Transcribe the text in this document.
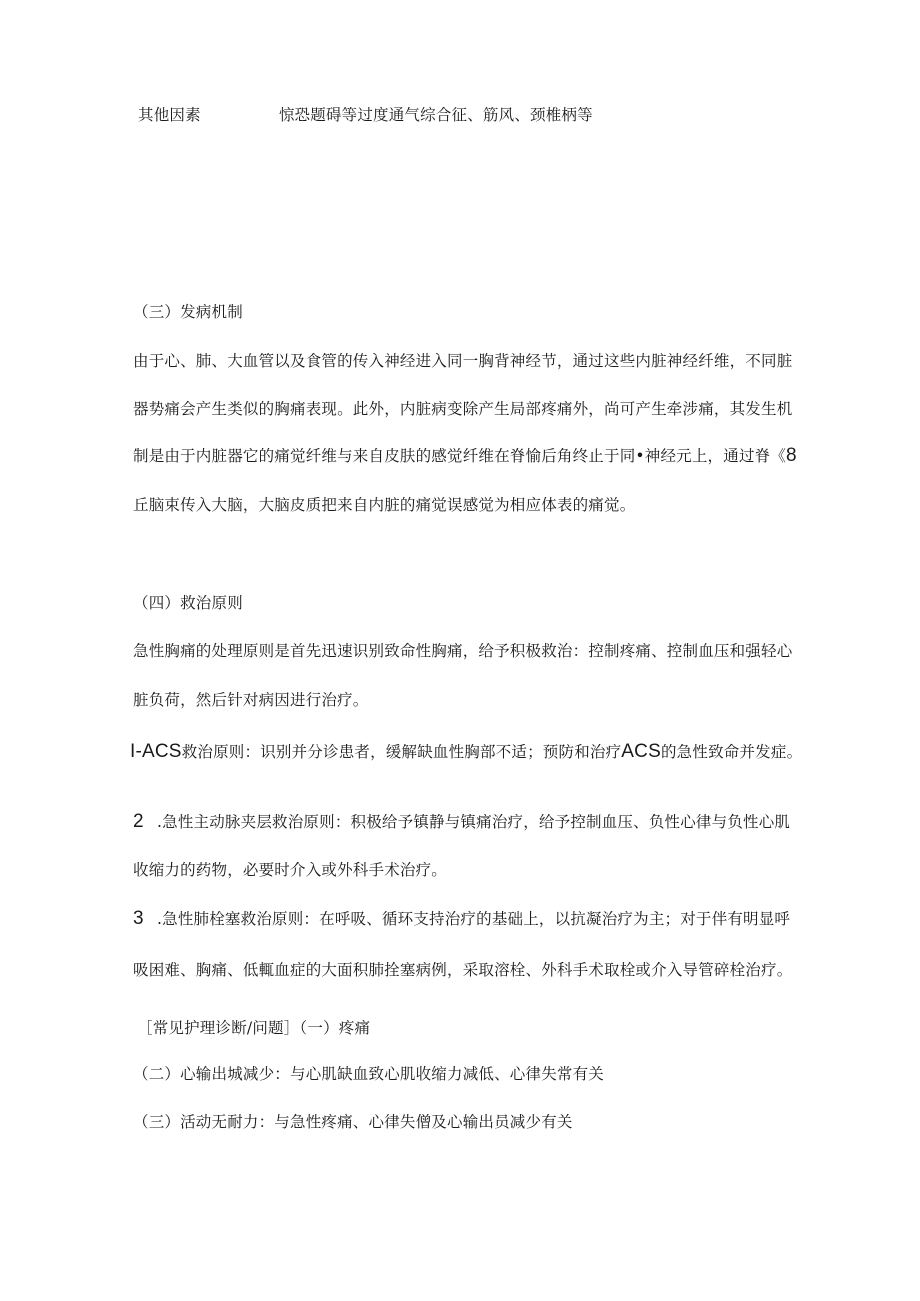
其他因素	惊恐题碍等过度通气综合征、筋风、颈椎柄等
（三）发病机制
由于心、肺、大血管以及食管的传入神经进入同一胸背神经节，通过这些内脏神经纤维，不同脏
器势痛会产生类似的胸痛表现。此外，内脏病变除产生局部疼痛外，尚可产生牵涉痛，其发生机
制是由于内脏器它的痛觉纤维与来自皮肤的感觉纤维在脊愉后角终止于同•神经元上，通过脊《8
丘脑束传入大脑，大脑皮质把来自内脏的痛觉误感觉为相应体表的痛觉。
（四）救治原则
急性胸痛的处理原则是首先迅速识别致命性胸痛，给予积极救治：控制疼痛、控制血压和强轻心
脏负荷，然后针对病因进行治疗。
I-ACS救治原则：识别并分诊患者，缓解缺血性胸部不适；预防和治疗ACS的急性致命并发症。
2 .急性主动脉夹层救治原则：积极给予镇静与镇痛治疗，给予控制血压、负性心律与负性心肌
收缩力的药物，必要时介入或外科手术治疗。
3 .急性肺栓塞救治原则：在呼吸、循环支持治疗的基础上，以抗凝治疗为主；对于伴有明显呼
吸困难、胸痛、低輒血症的大面积肺拴塞病例，采取溶栓、外科手术取栓或介入导管碎栓治疗。
［常见护理诊断/问题］（一）疼痛
（二）心输出城减少：与心肌缺血致心肌收缩力减低、心律失常有关
（三）活动无耐力：与急性疼痛、心律失僧及心输出员减少有关
